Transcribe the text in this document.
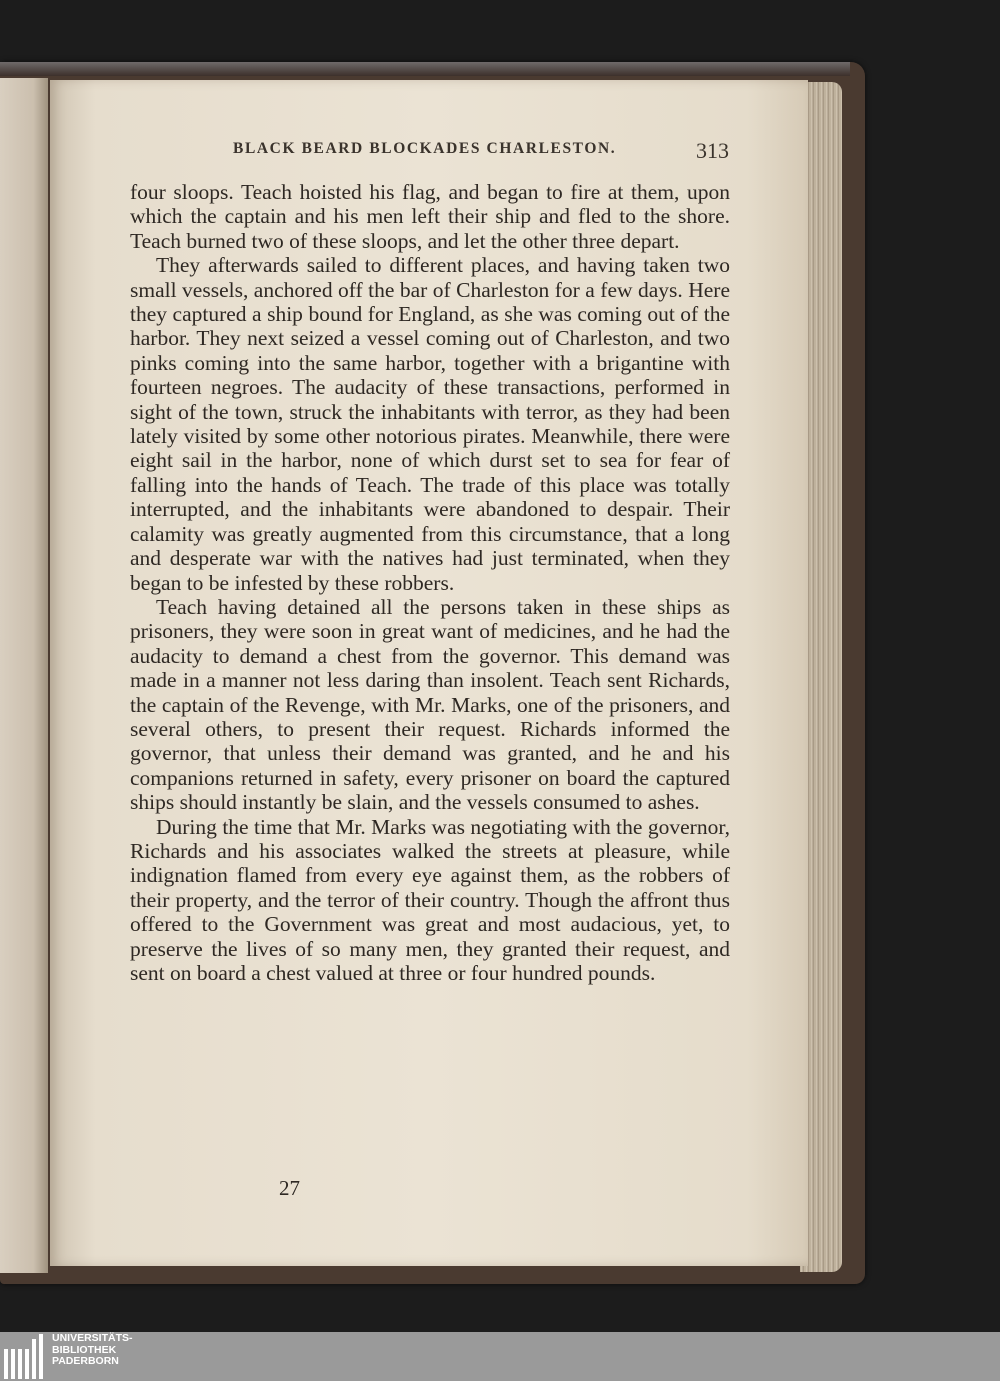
BLACK BEARD BLOCKADES CHARLESTON.	313

four sloops. Teach hoisted his flag, and began to fire at them, upon which the captain and his men left their ship and fled to the shore. Teach burned two of these sloops, and let the other three depart.

They afterwards sailed to different places, and having taken two small vessels, anchored off the bar of Charleston for a few days. Here they captured a ship bound for England, as she was coming out of the harbor. They next seized a vessel coming out of Charleston, and two pinks coming into the same harbor, together with a brigantine with fourteen negroes. The audacity of these transactions, performed in sight of the town, struck the inhabitants with terror, as they had been lately visited by some other notorious pirates. Meanwhile, there were eight sail in the harbor, none of which durst set to sea for fear of falling into the hands of Teach. The trade of this place was totally interrupted, and the inhabitants were abandoned to despair. Their calamity was greatly augmented from this circumstance, that a long and desperate war with the natives had just terminated, when they began to be infested by these robbers.

Teach having detained all the persons taken in these ships as prisoners, they were soon in great want of medicines, and he had the audacity to demand a chest from the governor. This demand was made in a manner not less daring than insolent. Teach sent Richards, the captain of the Revenge, with Mr. Marks, one of the prisoners, and several others, to present their request. Richards informed the governor, that unless their demand was granted, and he and his companions returned in safety, every prisoner on board the captured ships should instantly be slain, and the vessels consumed to ashes.

During the time that Mr. Marks was negotiating with the governor, Richards and his associates walked the streets at pleasure, while indignation flamed from every eye against them, as the robbers of their property, and the terror of their country. Though the affront thus offered to the Government was great and most audacious, yet, to preserve the lives of so many men, they granted their request, and sent on board a chest valued at three or four hundred pounds.

27
UNIVERSITÄTS-
BIBLIOTHEK
PADERBORN
